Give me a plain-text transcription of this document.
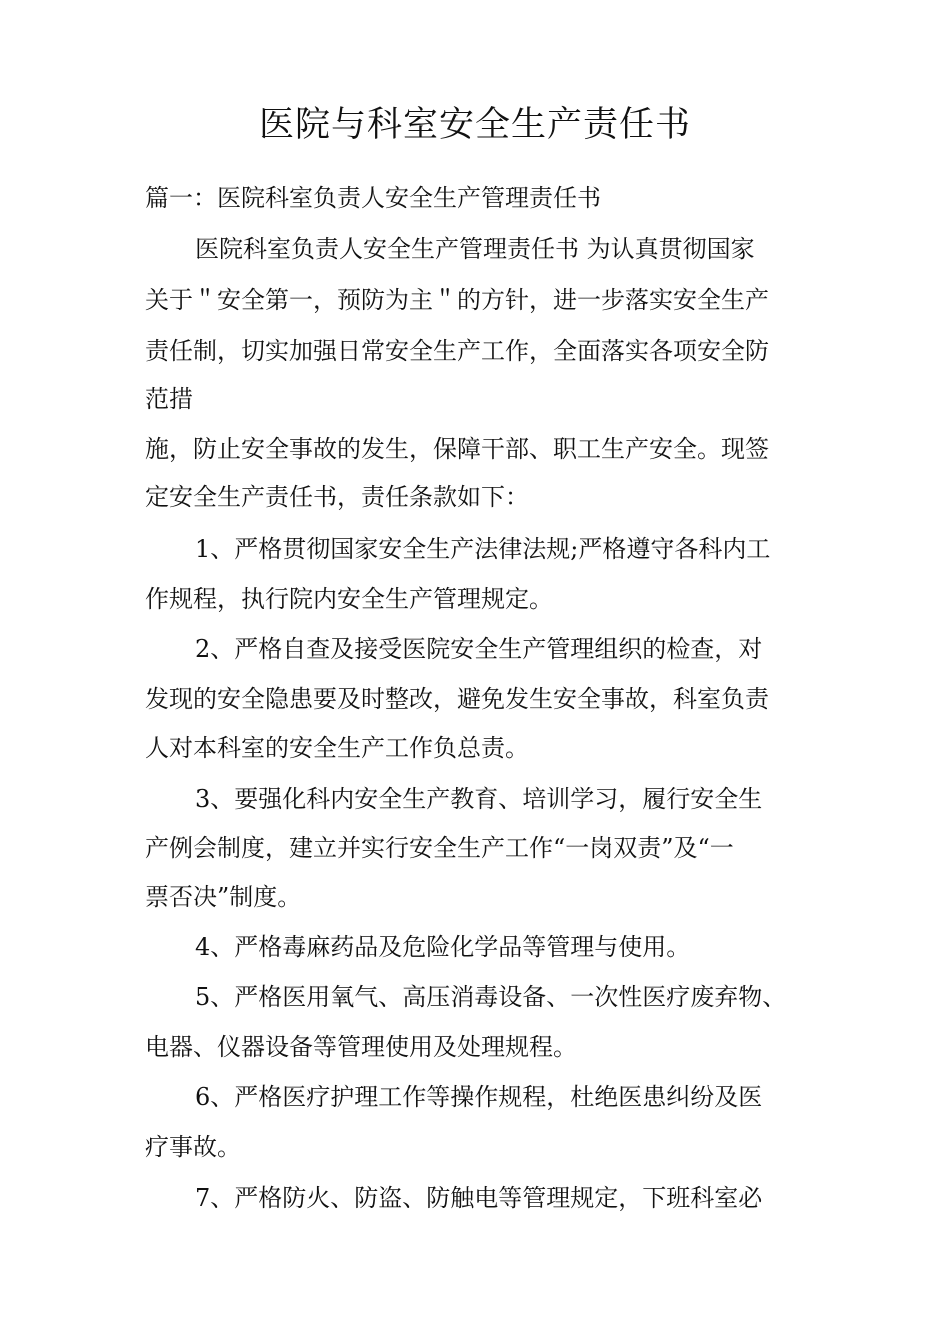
医院与科室安全生产责任书

篇一：医院科室负责人安全生产管理责任书

医院科室负责人安全生产管理责任书 为认真贯彻国家

关于＂安全第一，预防为主＂的方针，进一步落实安全生产

责任制，切实加强日常安全生产工作，全面落实各项安全防

范措

施，防止安全事故的发生，保障干部、职工生产安全。现签

定安全生产责任书，责任条款如下：

1、严格贯彻国家安全生产法律法规;严格遵守各科内工

作规程，执行院内安全生产管理规定。

2、严格自查及接受医院安全生产管理组织的检查，对

发现的安全隐患要及时整改，避免发生安全事故，科室负责

人对本科室的安全生产工作负总责。

3、要强化科内安全生产教育、培训学习，履行安全生

产例会制度，建立并实行安全生产工作“一岗双责”及“一

票否决”制度。

4、严格毒麻药品及危险化学品等管理与使用。

5、严格医用氧气、高压消毒设备、一次性医疗废弃物、

电器、仪器设备等管理使用及处理规程。

6、严格医疗护理工作等操作规程，杜绝医患纠纷及医

疗事故。

7、严格防火、防盗、防触电等管理规定，下班科室必
